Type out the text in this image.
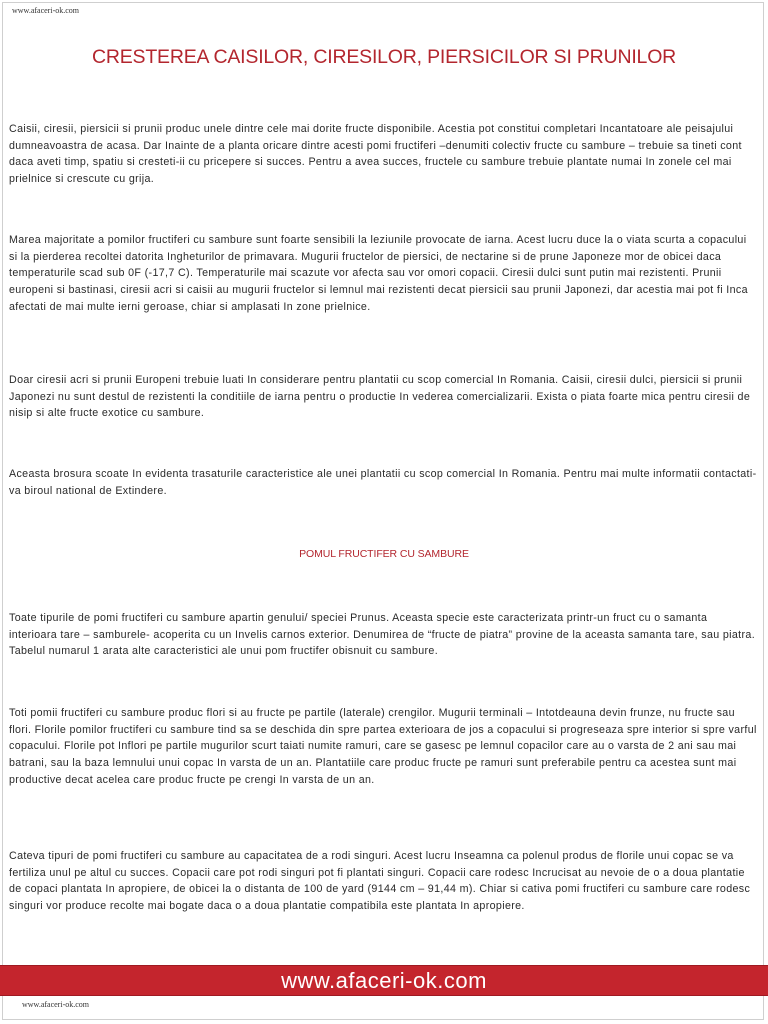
www.afaceri-ok.com
CRESTEREA CAISILOR, CIRESILOR, PIERSICILOR SI PRUNILOR

Caisii, ciresii, piersicii si prunii produc unele dintre cele mai dorite fructe disponibile. Acestia pot constitui completari Incantatoare ale peisajului dumneavoastra de acasa. Dar Inainte de a planta oricare dintre acesti pomi fructiferi –denumiti colectiv fructe cu sambure – trebuie sa tineti cont daca aveti timp, spatiu si cresteti-ii cu pricepere si succes. Pentru a avea succes, fructele cu sambure trebuie plantate numai In zonele cel mai prielnice si crescute cu grija.

Marea majoritate a pomilor fructiferi cu sambure sunt foarte sensibili la leziunile provocate de iarna. Acest lucru duce la o viata scurta a copacului si la pierderea recoltei datorita Ingheturilor de primavara. Mugurii fructelor de piersici, de nectarine si de prune Japoneze mor de obicei daca temperaturile scad sub 0F (-17,7 C). Temperaturile mai scazute vor afecta sau vor omori copacii. Ciresii dulci sunt putin mai rezistenti. Prunii europeni si bastinasi, ciresii acri si caisii au mugurii fructelor si lemnul mai rezistenti decat piersicii sau prunii Japonezi, dar acestia mai pot fi Inca afectati de mai multe ierni geroase, chiar si amplasati In zone prielnice.

Doar ciresii acri si prunii Europeni trebuie luati In considerare pentru plantatii cu scop comercial In Romania. Caisii, ciresii dulci, piersicii si prunii Japonezi nu sunt destul de rezistenti la conditiile de iarna pentru o productie In vederea comercializarii. Exista o piata foarte mica pentru ciresii de nisip si alte fructe exotice cu sambure.

Aceasta brosura scoate In evidenta trasaturile caracteristice ale unei plantatii cu scop comercial In Romania. Pentru mai multe informatii contactati-va biroul national de Extindere.

POMUL FRUCTIFER CU SAMBURE

Toate tipurile de pomi fructiferi cu sambure apartin genului/ speciei Prunus. Aceasta specie este caracterizata printr-un fruct cu o samanta interioara tare – samburele- acoperita cu un Invelis carnos exterior. Denumirea de “fructe de piatra” provine de la aceasta samanta tare, sau piatra. Tabelul numarul 1 arata alte caracteristici ale unui pom fructifer obisnuit cu sambure.

Toti pomii fructiferi cu sambure produc flori si au fructe pe partile (laterale) crengilor. Mugurii terminali – Intotdeauna devin frunze, nu fructe sau flori. Florile pomilor fructiferi cu sambure tind sa se deschida din spre partea exterioara de jos a copacului si progreseaza spre interior si spre varful copacului. Florile pot Inflori pe partile mugurilor scurt taiati numite ramuri, care se gasesc pe lemnul copacilor care au o varsta de 2 ani sau mai batrani, sau la baza lemnului unui copac In varsta de un an. Plantatiile care produc fructe pe ramuri sunt preferabile pentru ca acestea sunt mai productive decat acelea care produc fructe pe crengi In varsta de un an.

Cateva tipuri de pomi fructiferi cu sambure au capacitatea de a rodi singuri. Acest lucru Inseamna ca polenul produs de florile unui copac se va fertiliza unul pe altul cu succes. Copacii care pot rodi singuri pot fi plantati singuri. Copacii care rodesc Incrucisat au nevoie de o a doua plantatie de copaci plantata In apropiere, de obicei la o distanta de 100 de yard (9144 cm – 91,44 m). Chiar si cativa pomi fructiferi cu sambure care rodesc singuri vor produce recolte mai bogate daca o a doua plantatie compatibila este plantata In apropiere.

www.afaceri-ok.com
www.afaceri-ok.com
